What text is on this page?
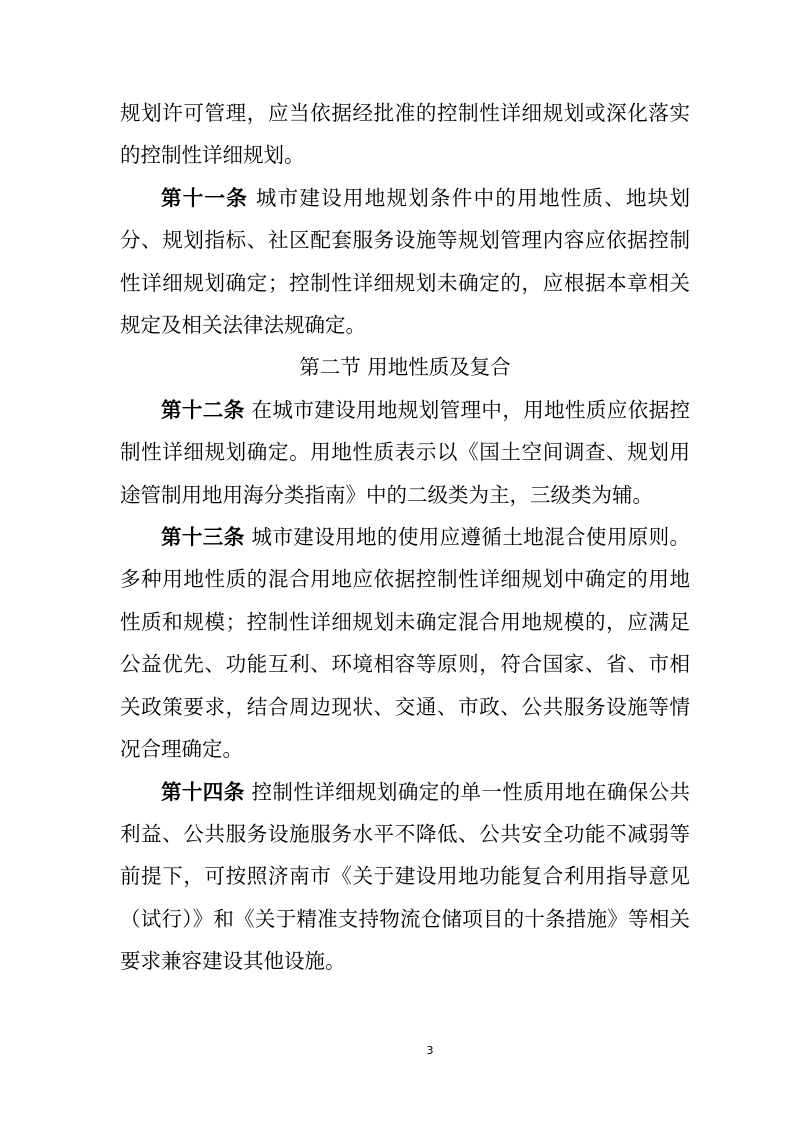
规划许可管理，应当依据经批准的控制性详细规划或深化落实的控制性详细规划。

第十一条 城市建设用地规划条件中的用地性质、地块划分、规划指标、社区配套服务设施等规划管理内容应依据控制性详细规划确定；控制性详细规划未确定的，应根据本章相关规定及相关法律法规确定。

第二节 用地性质及复合

第十二条 在城市建设用地规划管理中，用地性质应依据控制性详细规划确定。用地性质表示以《国土空间调查、规划用途管制用地用海分类指南》中的二级类为主，三级类为辅。

第十三条 城市建设用地的使用应遵循土地混合使用原则。多种用地性质的混合用地应依据控制性详细规划中确定的用地性质和规模；控制性详细规划未确定混合用地规模的，应满足公益优先、功能互利、环境相容等原则，符合国家、省、市相关政策要求，结合周边现状、交通、市政、公共服务设施等情况合理确定。

第十四条 控制性详细规划确定的单一性质用地在确保公共利益、公共服务设施服务水平不降低、公共安全功能不减弱等前提下，可按照济南市《关于建设用地功能复合利用指导意见（试行）》和《关于精准支持物流仓储项目的十条措施》等相关要求兼容建设其他设施。

3
